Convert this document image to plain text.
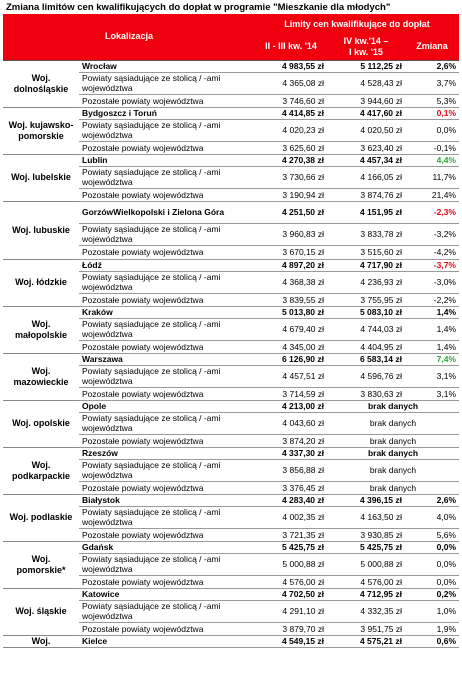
Zmiana limitów cen kwalifikujących do dopłat w programie "Mieszkanie dla młodych"
Lokalizacja		Limity cen kwalifikujące do dopłat		
		II - III kw. '14	IV kw.'14 –
I kw. '15	Zmiana
Woj. dolnośląskie	Wrocław	4 983,55 zł	5 112,25 zł	2,6%
	Powiaty sąsiadujące ze stolicą / -ami województwa	4 365,08 zł	4 528,43 zł	3,7%
	Pozostałe powiaty województwa	3 746,60 zł	3 944,60 zł	5,3%
Woj. kujawsko-pomorskie	Bydgoszcz i Toruń	4 414,85 zł	4 417,60 zł	0,1%
	Powiaty sąsiadujące ze stolicą / -ami województwa	4 020,23 zł	4 020,50 zł	0,0%
	Pozostałe powiaty województwa	3 625,60 zł	3 623,40 zł	-0,1%
Woj. lubelskie	Lublin	4 270,38 zł	4 457,34 zł	4,4%
	Powiaty sąsiadujące ze stolicą / -ami województwa	3 730,66 zł	4 166,05 zł	11,7%
	Pozostałe powiaty województwa	3 190,94 zł	3 874,76 zł	21,4%
Woj. lubuskie	GorzówWielkopolski i Zielona Góra	4 251,50 zł	4 151,95 zł	-2,3%
	Powiaty sąsiadujące ze stolicą / -ami województwa	3 960,83 zł	3 833,78 zł	-3,2%
	Pozostałe powiaty województwa	3 670,15 zł	3 515,60 zł	-4,2%
Woj. łódzkie	Łódź	4 897,20 zł	4 717,90 zł	-3,7%
	Powiaty sąsiadujące ze stolicą / -ami województwa	4 368,38 zł	4 236,93 zł	-3,0%
	Pozostałe powiaty województwa	3 839,55 zł	3 755,95 zł	-2,2%
Woj. małopolskie	Kraków	5 013,80 zł	5 083,10 zł	1,4%
	Powiaty sąsiadujące ze stolicą / -ami województwa	4 679,40 zł	4 744,03 zł	1,4%
	Pozostałe powiaty województwa	4 345,00 zł	4 404,95 zł	1,4%
Woj. mazowieckie	Warszawa	6 126,90 zł	6 583,14 zł	7,4%
	Powiaty sąsiadujące ze stolicą / -ami województwa	4 457,51 zł	4 596,76 zł	3,1%
	Pozostałe powiaty województwa	3 714,59 zł	3 830,63 zł	3,1%
Woj. opolskie	Opole	4 213,00 zł	brak danych	
	Powiaty sąsiadujące ze stolicą / -ami województwa	4 043,60 zł	brak danych	
	Pozostałe powiaty województwa	3 874,20 zł	brak danych	
Woj. podkarpackie	Rzeszów	4 337,30 zł	brak danych	
	Powiaty sąsiadujące ze stolicą / -ami województwa	3 856,88 zł	brak danych	
	Pozostałe powiaty województwa	3 376,45 zł	brak danych	
Woj. podlaskie	Białystok	4 283,40 zł	4 396,15 zł	2,6%
	Powiaty sąsiadujące ze stolicą / -ami województwa	4 002,35 zł	4 163,50 zł	4,0%
	Pozostałe powiaty województwa	3 721,35 zł	3 930,85 zł	5,6%
Woj. pomorskie*	Gdańsk	5 425,75 zł	5 425,75 zł	0,0%
	Powiaty sąsiadujące ze stolicą / -ami województwa	5 000,88 zł	5 000,88 zł	0,0%
	Pozostałe powiaty województwa	4 576,00 zł	4 576,00 zł	0,0%
Woj. śląskie	Katowice	4 702,50 zł	4 712,95 zł	0,2%
	Powiaty sąsiadujące ze stolicą / -ami województwa	4 291,10 zł	4 332,35 zł	1,0%
	Pozostałe powiaty województwa	3 879,70 zł	3 951,75 zł	1,9%
Woj.	Kielce	4 549,15 zł	4 575,21 zł	0,6%
